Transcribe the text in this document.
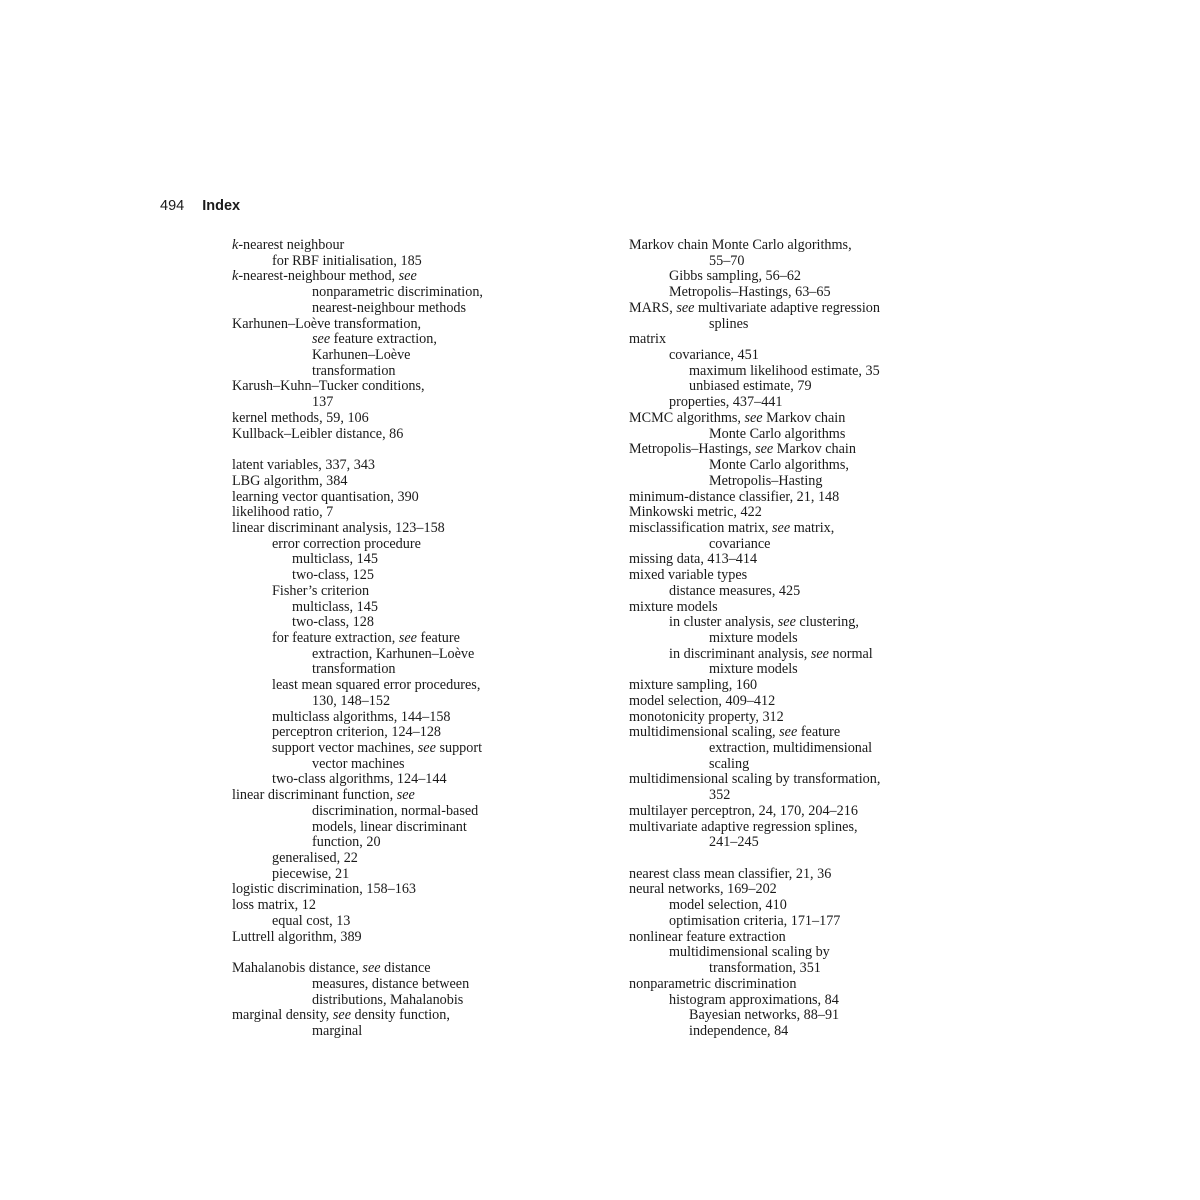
494 Index
k-nearest neighbour
for RBF initialisation, 185
k-nearest-neighbour method, see
nonparametric discrimination,
nearest-neighbour methods
Karhunen–Loève transformation,
see feature extraction,
Karhunen–Loève
transformation
Karush–Kuhn–Tucker conditions,
137
kernel methods, 59, 106
Kullback–Leibler distance, 86
latent variables, 337, 343
LBG algorithm, 384
learning vector quantisation, 390
likelihood ratio, 7
linear discriminant analysis, 123–158
error correction procedure
multiclass, 145
two-class, 125
Fisher’s criterion
multiclass, 145
two-class, 128
for feature extraction, see feature
extraction, Karhunen–Loève
transformation
least mean squared error procedures,
130, 148–152
multiclass algorithms, 144–158
perceptron criterion, 124–128
support vector machines, see support
vector machines
two-class algorithms, 124–144
linear discriminant function, see
discrimination, normal-based
models, linear discriminant
function, 20
generalised, 22
piecewise, 21
logistic discrimination, 158–163
loss matrix, 12
equal cost, 13
Luttrell algorithm, 389
Mahalanobis distance, see distance
measures, distance between
distributions, Mahalanobis
marginal density, see density function,
marginal
Markov chain Monte Carlo algorithms,
55–70
Gibbs sampling, 56–62
Metropolis–Hastings, 63–65
MARS, see multivariate adaptive regression
splines
matrix
covariance, 451
maximum likelihood estimate, 35
unbiased estimate, 79
properties, 437–441
MCMC algorithms, see Markov chain
Monte Carlo algorithms
Metropolis–Hastings, see Markov chain
Monte Carlo algorithms,
Metropolis–Hasting
minimum-distance classifier, 21, 148
Minkowski metric, 422
misclassification matrix, see matrix,
covariance
missing data, 413–414
mixed variable types
distance measures, 425
mixture models
in cluster analysis, see clustering,
mixture models
in discriminant analysis, see normal
mixture models
mixture sampling, 160
model selection, 409–412
monotonicity property, 312
multidimensional scaling, see feature
extraction, multidimensional
scaling
multidimensional scaling by transformation,
352
multilayer perceptron, 24, 170, 204–216
multivariate adaptive regression splines,
241–245
nearest class mean classifier, 21, 36
neural networks, 169–202
model selection, 410
optimisation criteria, 171–177
nonlinear feature extraction
multidimensional scaling by
transformation, 351
nonparametric discrimination
histogram approximations, 84
Bayesian networks, 88–91
independence, 84
